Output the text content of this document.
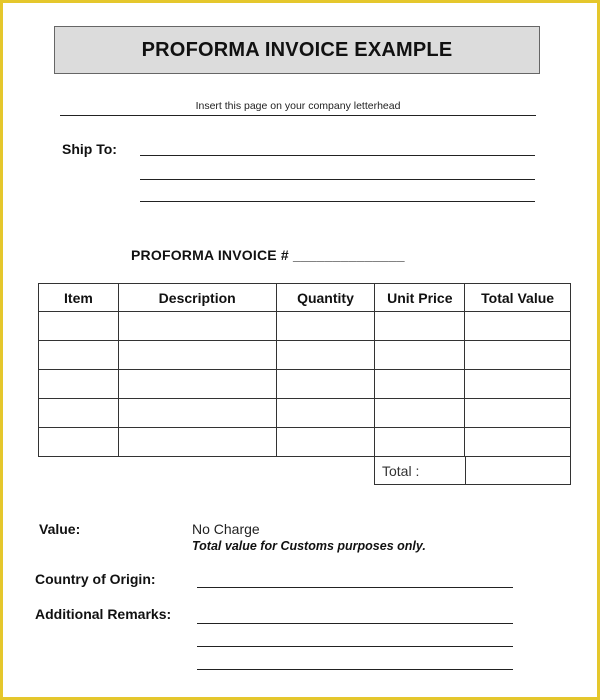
PROFORMA INVOICE EXAMPLE
Insert this page on your company letterhead
Ship To:
PROFORMA INVOICE # ______________
Item	Description	Quantity	Unit Price	Total Value

Total :	
Value:	No Charge
Total value for Customs purposes only.
Country of Origin:
Additional Remarks:
